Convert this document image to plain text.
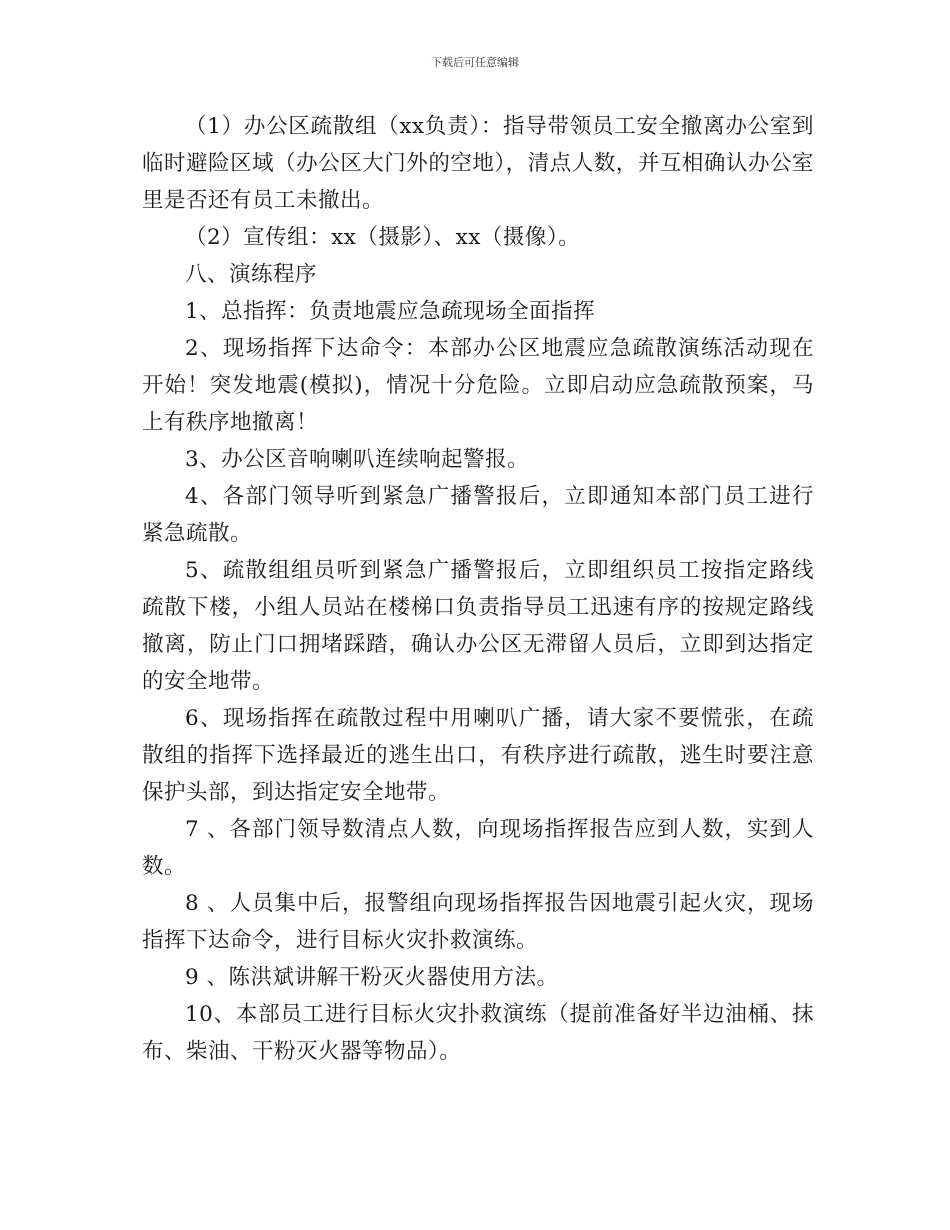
下载后可任意编辑

（1）办公区疏散组（xx负责）：指导带领员工安全撤离办公室到临时避险区域（办公区大门外的空地），清点人数，并互相确认办公室里是否还有员工未撤出。

（2）宣传组：xx（摄影）、xx（摄像）。

八、演练程序

1、总指挥：负责地震应急疏现场全面指挥

2、现场指挥下达命令：本部办公区地震应急疏散演练活动现在开始！突发地震(模拟)，情况十分危险。立即启动应急疏散预案，马上有秩序地撤离！

3、办公区音响喇叭连续响起警报。

4、各部门领导听到紧急广播警报后，立即通知本部门员工进行紧急疏散。

5、疏散组组员听到紧急广播警报后，立即组织员工按指定路线疏散下楼，小组人员站在楼梯口负责指导员工迅速有序的按规定路线撤离，防止门口拥堵踩踏，确认办公区无滞留人员后，立即到达指定的安全地带。

6、现场指挥在疏散过程中用喇叭广播，请大家不要慌张，在疏散组的指挥下选择最近的逃生出口，有秩序进行疏散，逃生时要注意保护头部，到达指定安全地带。

7 、各部门领导数清点人数，向现场指挥报告应到人数，实到人数。

8 、人员集中后，报警组向现场指挥报告因地震引起火灾，现场指挥下达命令，进行目标火灾扑救演练。

9 、陈洪斌讲解干粉灭火器使用方法。

10、本部员工进行目标火灾扑救演练（提前准备好半边油桶、抹布、柴油、干粉灭火器等物品）。
